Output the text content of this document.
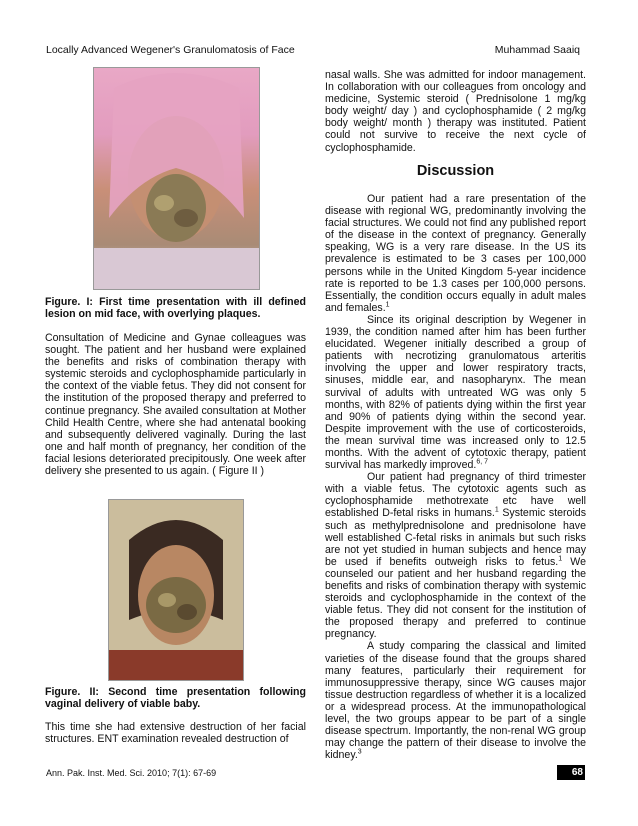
Locally Advanced Wegener's Granulomatosis of Face	Muhammad Saaiq

Figure. I: First time presentation with ill defined lesion on mid face, with overlying plaques.

Consultation of Medicine and Gynae colleagues was sought. The patient and her husband were explained the benefits and risks of combination therapy with systemic steroids and cyclophosphamide particularly in the context of the viable fetus. They did not consent for the institution of the proposed therapy and preferred to continue pregnancy. She availed consultation at Mother Child Health Centre, where she had antenatal booking and subsequently delivered vaginally. During the last one and half month of pregnancy, her condition of the facial lesions deteriorated precipitously. One week after delivery she presented to us again. ( Figure II )

Figure. II: Second time presentation following vaginal delivery of viable baby.

This time she had extensive destruction of her facial structures. ENT examination revealed destruction of

nasal walls. She was admitted for indoor management. In collaboration with our colleagues from oncology and medicine, Systemic steroid ( Prednisolone 1 mg/kg body weight/ day ) and cyclophosphamide ( 2 mg/kg body weight/ month ) therapy was instituted. Patient could not survive to receive the next cycle of cyclophosphamide.

Discussion

Our patient had a rare presentation of the disease with regional WG, predominantly involving the facial structures. We could not find any published report of the disease in the context of pregnancy. Generally speaking, WG is a very rare disease. In the US its prevalence is estimated to be 3 cases per 100,000 persons while in the United Kingdom 5-year incidence rate is reported to be 1.3 cases per 100,000 persons. Essentially, the condition occurs equally in adult males and females.$^1$

Since its original description by Wegener in 1939, the condition named after him has been further elucidated. Wegener initially described a group of patients with necrotizing granulomatous arteritis involving the upper and lower respiratory tracts, sinuses, middle ear, and nasopharynx. The mean survival of adults with untreated WG was only 5 months, with 82% of patients dying within the first year and 90% of patients dying within the second year. Despite improvement with the use of corticosteroids, the mean survival time was increased only to 12.5 months. With the advent of cytotoxic therapy, patient survival has markedly improved.$^{6, 7}$

Our patient had pregnancy of third trimester with a viable fetus. The cytotoxic agents such as cyclophosphamide methotrexate etc have well established D-fetal risks in humans.$^1$ Systemic steroids such as methylprednisolone and prednisolone have well established C-fetal risks in animals but such risks are not yet studied in human subjects and hence may be used if benefits outweigh risks to fetus.$^1$ We counseled our patient and her husband regarding the benefits and risks of combination therapy with systemic steroids and cyclophosphamide in the context of the viable fetus. They did not consent for the institution of the proposed therapy and preferred to continue pregnancy.

A study comparing the classical and limited varieties of the disease found that the groups shared many features, particularly their requirement for immunosuppressive therapy, since WG causes major tissue destruction regardless of whether it is a localized or a widespread process. At the immunopathological level, the two groups appear to be part of a single disease spectrum. Importantly, the non-renal WG group may change the pattern of their disease to involve the kidney.$^3$

Ann. Pak. Inst. Med. Sci. 2010; 7(1): 67-69	68
